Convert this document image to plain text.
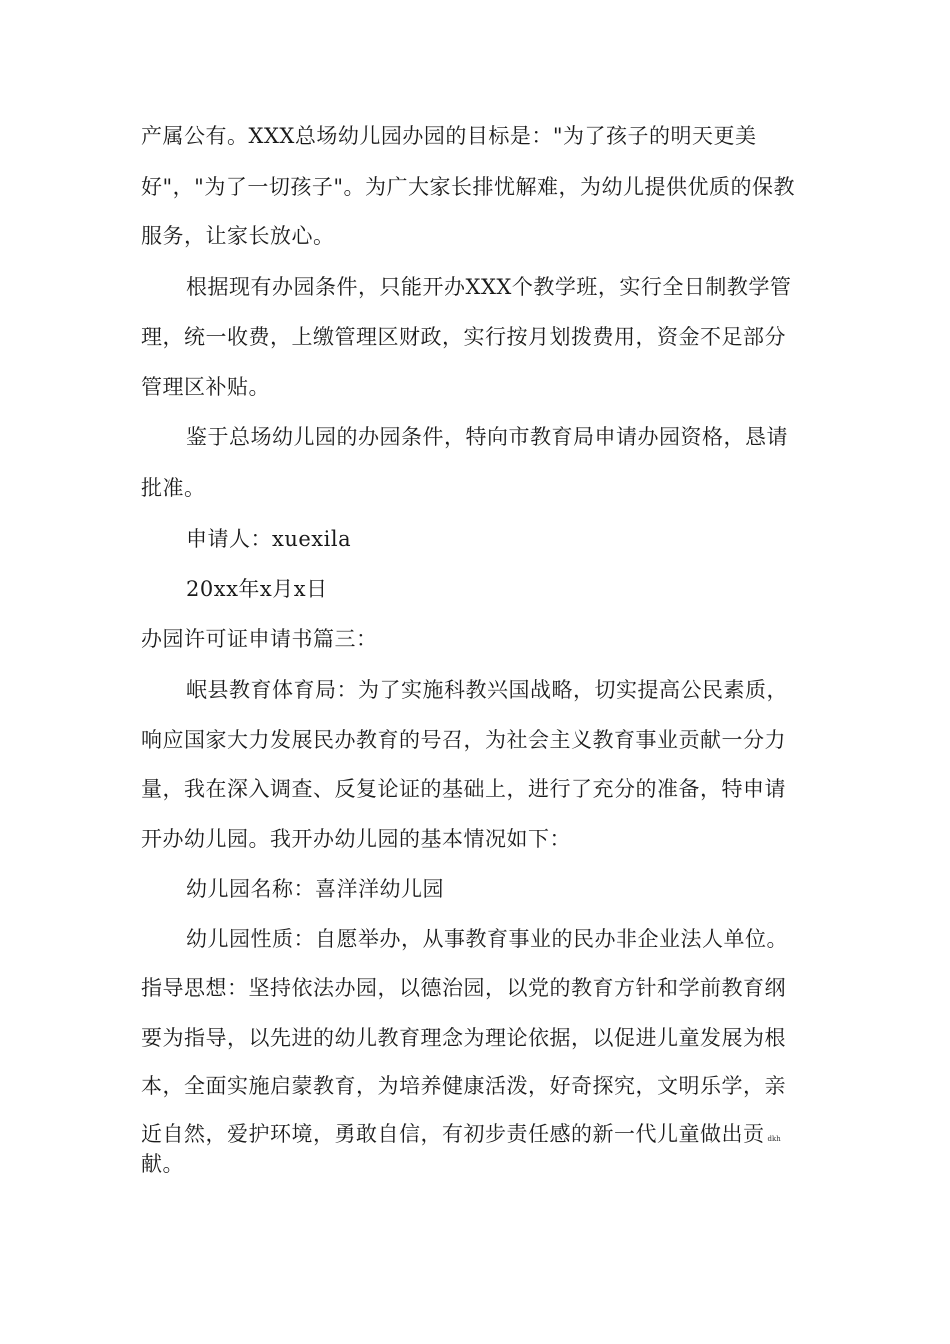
产属公有。XXX总场幼儿园办园的目标是："为了孩子的明天更美
好"，"为了一切孩子"。为广大家长排忧解难，为幼儿提供优质的保教
服务，让家长放心。
根据现有办园条件，只能开办XXX个教学班，实行全日制教学管
理，统一收费，上缴管理区财政，实行按月划拨费用，资金不足部分
管理区补贴。
鉴于总场幼儿园的办园条件，特向市教育局申请办园资格，恳请
批准。
申请人：xuexila
20xx年x月x日
办园许可证申请书篇三：
岷县教育体育局：为了实施科教兴国战略，切实提高公民素质，
响应国家大力发展民办教育的号召，为社会主义教育事业贡献一分力
量，我在深入调查、反复论证的基础上，进行了充分的准备，特申请
开办幼儿园。我开办幼儿园的基本情况如下：
幼儿园名称：喜洋洋幼儿园
幼儿园性质：自愿举办，从事教育事业的民办非企业法人单位。
指导思想：坚持依法办园，以德治园，以党的教育方针和学前教育纲
要为指导，以先进的幼儿教育理念为理论依据，以促进儿童发展为根
本，全面实施启蒙教育，为培养健康活泼，好奇探究，文明乐学，亲
近自然，爱护环境，勇敢自信，有初步责任感的新一代儿童做出贡 dkh
献。
